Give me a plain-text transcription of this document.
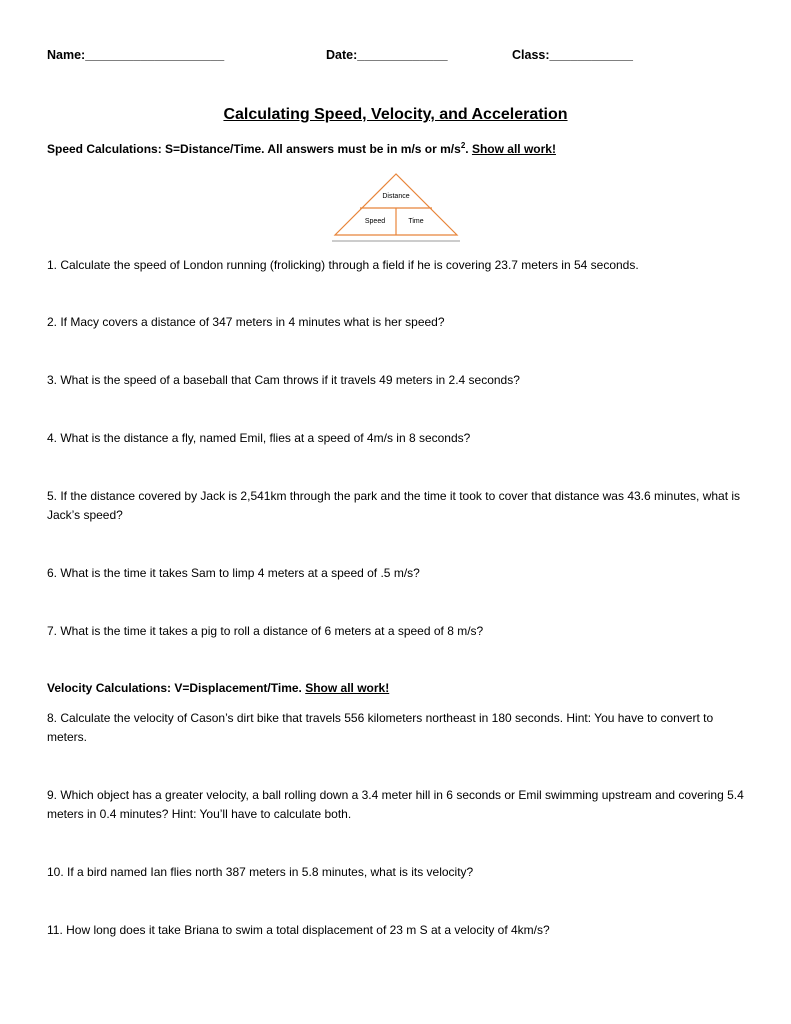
Name:____________________	Date:_____________	Class:____________
Calculating Speed, Velocity, and Acceleration
Speed Calculations: S=Distance/Time. All answers must be in m/s or $m/s^2$. Show all work!
Distance
Speed	Time
1. Calculate the speed of London running (frolicking) through a field if he is covering 23.7 meters in 54 seconds.
2. If Macy covers a distance of 347 meters in 4 minutes what is her speed?
3. What is the speed of a baseball that Cam throws if it travels 49 meters in 2.4 seconds?
4. What is the distance a fly, named Emil, flies at a speed of 4m/s in 8 seconds?
5. If the distance covered by Jack is 2,541km through the park and the time it took to cover that distance was 43.6 minutes, what is Jack’s speed?
6. What is the time it takes Sam to limp 4 meters at a speed of .5 m/s?
7. What is the time it takes a pig to roll a distance of 6 meters at a speed of 8 m/s?
Velocity Calculations: V=Displacement/Time. Show all work!
8. Calculate the velocity of Cason’s dirt bike that travels 556 kilometers northeast in 180 seconds. Hint: You have to convert to meters.
9. Which object has a greater velocity, a ball rolling down a 3.4 meter hill in 6 seconds or Emil swimming upstream and covering 5.4 meters in 0.4 minutes? Hint: You’ll have to calculate both.
10. If a bird named Ian flies north 387 meters in 5.8 minutes, what is its velocity?
11. How long does it take Briana to swim a total displacement of 23 m S at a velocity of 4km/s?
